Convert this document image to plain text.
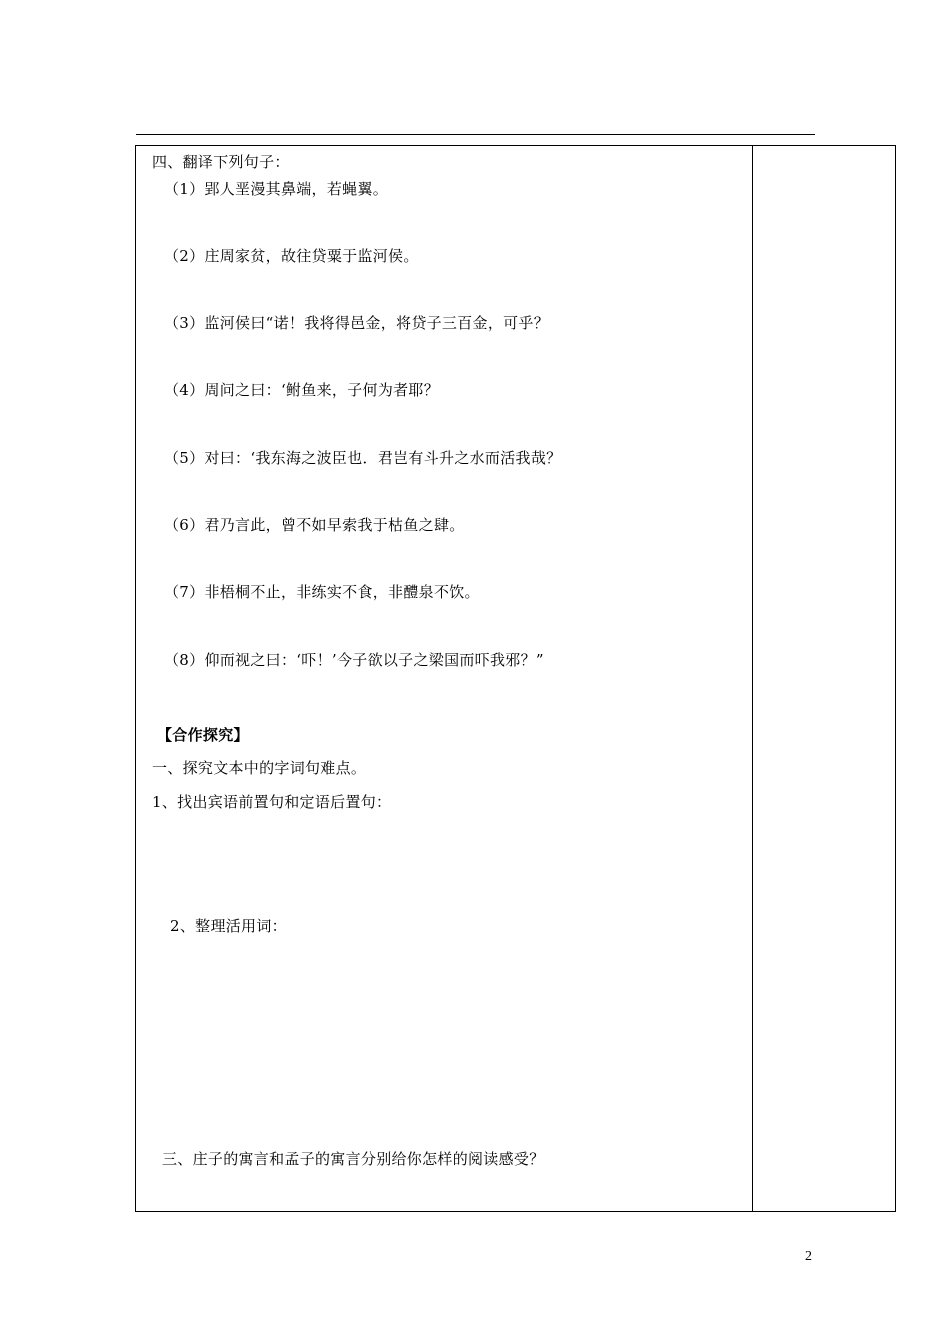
四、翻译下列句子：
（1）郢人垩漫其鼻端，若蝇翼。
（2）庄周家贫，故往贷粟于监河侯。
（3）监河侯曰“诺！我将得邑金，将贷子三百金，可乎？
（4）周问之曰：‘鲋鱼来，子何为者耶？
（5）对曰：‘我东海之波臣也．君岂有斗升之水而活我哉？
（6）君乃言此，曾不如早索我于枯鱼之肆。
（7）非梧桐不止，非练实不食，非醴泉不饮。
（8）仰而视之曰：‘吓！’今子欲以子之梁国而吓我邪？”
【合作探究】
一、探究文本中的字词句难点。
1、找出宾语前置句和定语后置句：
2、整理活用词：
三、庄子的寓言和孟子的寓言分别给你怎样的阅读感受？
2
